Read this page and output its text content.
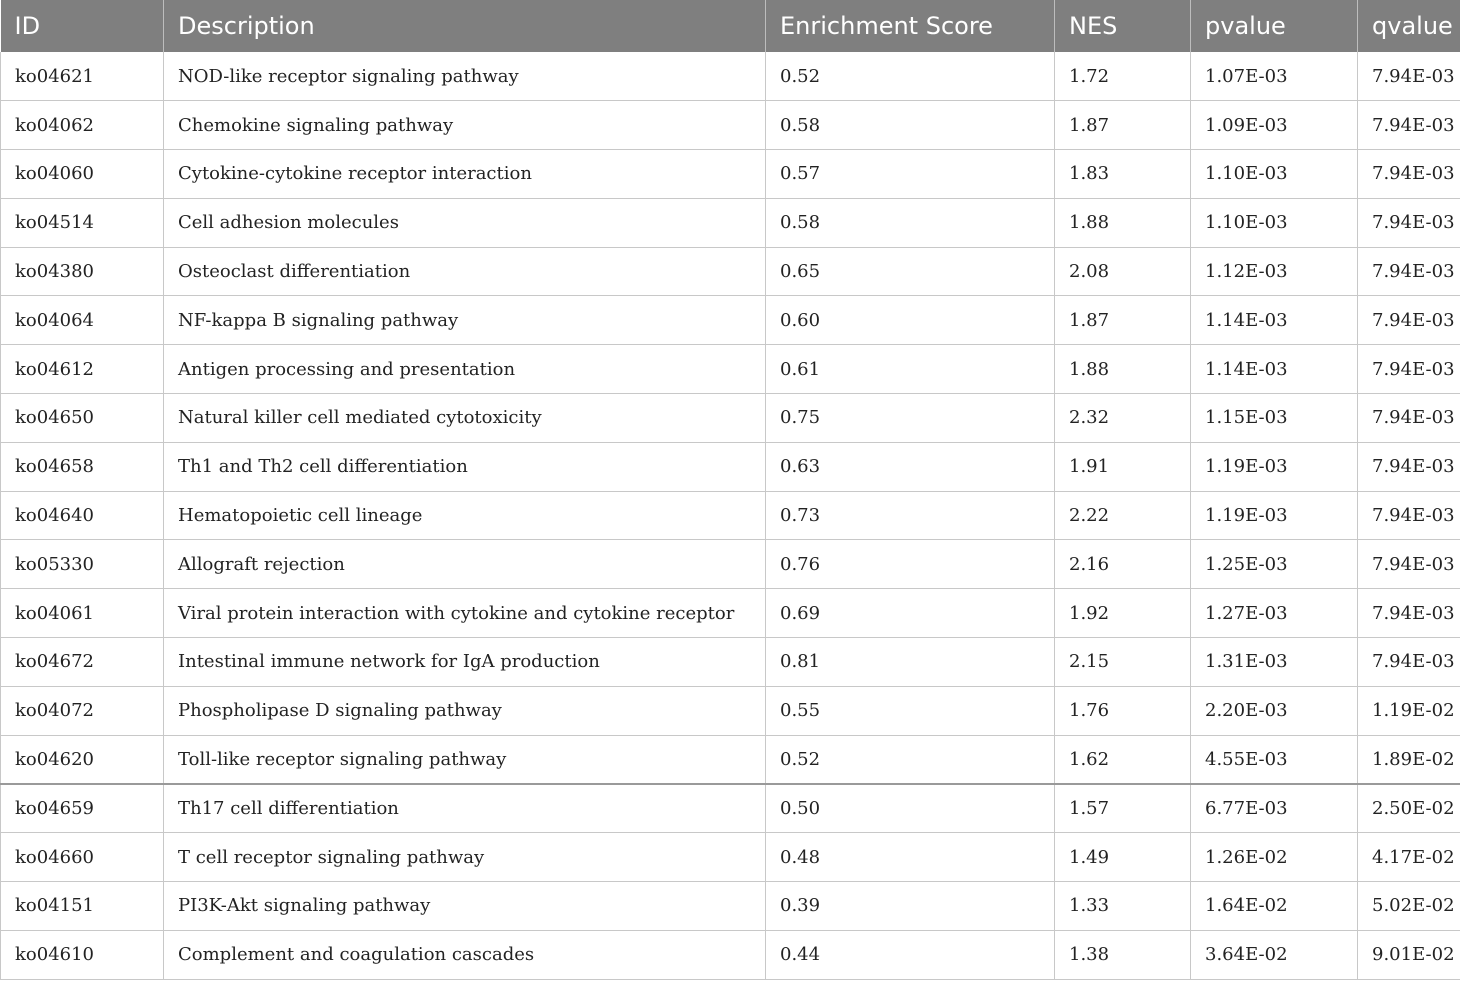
ID	Description	Enrichment Score	NES	pvalue	qvalue
ko04621	NOD-like receptor signaling pathway	0.52	1.72	1.07E-03	7.94E-03
ko04062	Chemokine signaling pathway	0.58	1.87	1.09E-03	7.94E-03
ko04060	Cytokine-cytokine receptor interaction	0.57	1.83	1.10E-03	7.94E-03
ko04514	Cell adhesion molecules	0.58	1.88	1.10E-03	7.94E-03
ko04380	Osteoclast differentiation	0.65	2.08	1.12E-03	7.94E-03
ko04064	NF-kappa B signaling pathway	0.60	1.87	1.14E-03	7.94E-03
ko04612	Antigen processing and presentation	0.61	1.88	1.14E-03	7.94E-03
ko04650	Natural killer cell mediated cytotoxicity	0.75	2.32	1.15E-03	7.94E-03
ko04658	Th1 and Th2 cell differentiation	0.63	1.91	1.19E-03	7.94E-03
ko04640	Hematopoietic cell lineage	0.73	2.22	1.19E-03	7.94E-03
ko05330	Allograft rejection	0.76	2.16	1.25E-03	7.94E-03
ko04061	Viral protein interaction with cytokine and cytokine receptor	0.69	1.92	1.27E-03	7.94E-03
ko04672	Intestinal immune network for IgA production	0.81	2.15	1.31E-03	7.94E-03
ko04072	Phospholipase D signaling pathway	0.55	1.76	2.20E-03	1.19E-02
ko04620	Toll-like receptor signaling pathway	0.52	1.62	4.55E-03	1.89E-02
ko04659	Th17 cell differentiation	0.50	1.57	6.77E-03	2.50E-02
ko04660	T cell receptor signaling pathway	0.48	1.49	1.26E-02	4.17E-02
ko04151	PI3K-Akt signaling pathway	0.39	1.33	1.64E-02	5.02E-02
ko04610	Complement and coagulation cascades	0.44	1.38	3.64E-02	9.01E-02
